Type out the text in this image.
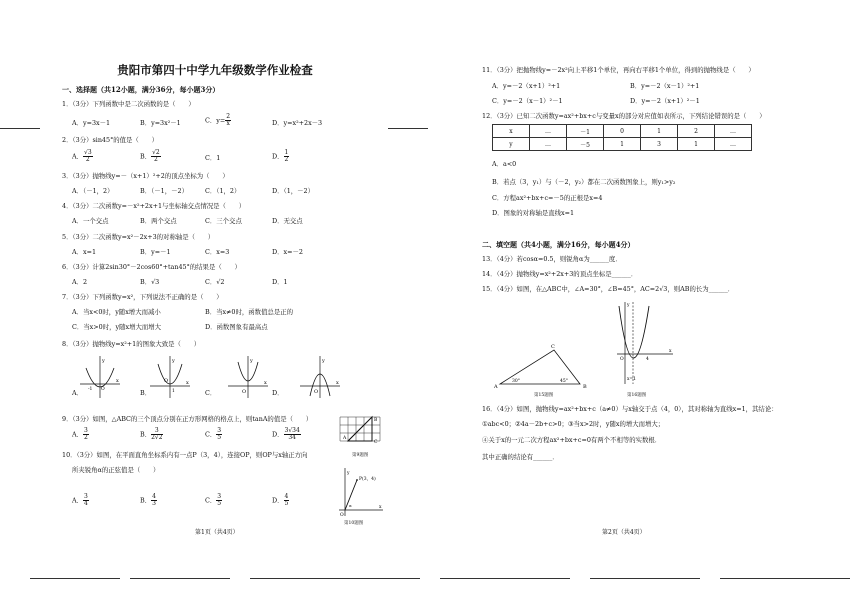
贵阳市第四十中学九年级数学作业检查
一、选择题（共12小题，满分36分，每小题3分）
1．（3分）下列函数中是二次函数的是（　　）
A．y=3x－1	B．y=3x²－1	C．$y= \frac{2}{x}$	D．y=x²+2x－3
2．（3分）sin45°的值是（　　）
A． $\frac{√3}{2}$	B． $\frac{√2}{2}$	C．1	D． $\frac{1}{2}$
3．（3分）抛物线y=－（x+1）²+2的顶点坐标为（　　）
A．（－1，2）	B．（－1，－2）	C．（1，2）	D．（1，－2）
4．（3分）二次函数y=－x²+2x+1与坐标轴交点情况是（　　）
A．一个交点	B．两个交点	C．三个交点	D．无交点
5．（3分）二次函数y=x²－2x+3的对称轴是（　　）
A．x=1	B．y=－1	C．x=3	D．x=－2
6．（3分）计算2sin30°－2cos60°+tan45°的结果是（　　）
A．2	B．√3	C．√2	D．1
7．（3分）下列函数y=x²，下列说法不正确的是（　　）
A．当x<0时，y随x增大而减小	B．当x≠0时，函数值总是正的
C．当x>0时，y随x增大而增大	D．函数图象有最高点
8．（3分）抛物线y=x²+1的图象大致是（　　）
A．	B．	C．	D．
y
x
-1 O
y
x
O
1
y
x
O
y
x
O
9．（3分）如图，△ABC的三个顶点分别在正方形网格的格点上，则tanA的值是（　　）
A． $\frac{3}{2}$	B． $\frac{3}{2√2}$	C． $\frac{3}{5}$	D． $\frac{3√34}{34}$	A
B
C
第9题图
10．（3分）如图，在平面直角坐标系内有一点P（3，4），连接OP，则OP与x轴正方向
所夹锐角α的正弦值是（　　）
A． $\frac{3}{4}$	B． $\frac{4}{3}$	C． $\frac{3}{5}$	D． $\frac{4}{5}$
y
x
P(3，4)
O
α
第10题图
第1页（共4页）
11．（3分）把抛物线y=－2x²向上平移1个单位，再向右平移1个单位，得到的抛物线是（　　）
A．y=－2（x+1）²+1	B．y=－2（x－1）²+1
C．y=－2（x－1）²－1	D．y=－2（x+1）²－1
12．（3分）已知二次函数y=ax²+bx+c与变量x的部分对应值如表所示，下列结论错误的是（　　）
x	…	－1	0	1	2	…
y	…	－5	1	3	1	…
A．a<0
B．若点（3，y₁）与（－2，y₂）都在二次函数图象上，则y₁>y₂
C．方程ax²+bx+c=－5的正根是x=4
D．图象的对称轴是直线x=1
二、填空题（共4小题，满分16分，每小题4分）
13．（4分）若cosα=0.5，则锐角α为______度．
14．（4分）抛物线y=x²+2x+3的顶点坐标是______．
15．（4分）如图，在△ABC中，∠A=30°，∠B=45°，AC=2√3，则AB的长为______．
A	B
C
30°	45°
第15题图
y
x
O	4
x=1
第16题图
16．（4分）如图，抛物线y=ax²+bx+c（a≠0）与x轴交于点（4，0），其对称轴为直线x=1，其结论：
①abc<0；②4a－2b+c>0；③当x>2时，y随x的增大而增大；
④关于x的一元二次方程ax²+bx+c=0有两个不相等的实数根．
其中正确的结论有______．
第2页（共4页）
